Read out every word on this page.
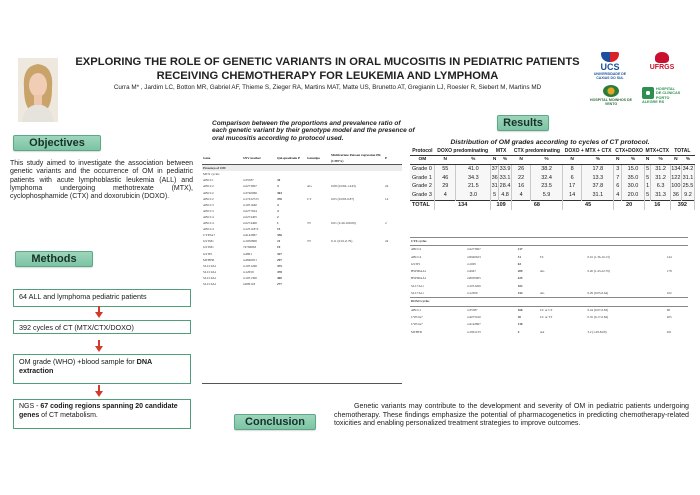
EXPLORING THE ROLE OF GENETIC VARIANTS IN ORAL MUCOSITIS IN PEDIATRIC PATIENTS
RECEIVING CHEMOTHERAPY FOR LEUKEMIA AND LYMPHOMA
Curra M* , Jardim LC, Botton MR, Gabriel AF, Thieme S, Zieger RA, Martins MAT, Matte US, Brunetto AT, Gregianin LJ, Roesler R, Siebert M, Martins MD
UCS
UNIVERSIDADE DE CAXIAS DO SUL
UFRGS
HOSPITAL MOINHOS DE VENTO
HOSPITAL
DE CLÍNICAS
PORTO ALEGRE RS
Objectives
This study aimed to investigate the association between genetic variants and the occurrence of OM in pediatric patients with acute lymphoblastic leukemia (ALL) and lymphoma undergoing methotrexate (MTX), cyclophosphamide (CTX) and doxorubicin (DOXO).
Methods
64 ALL and lymphoma pediatric patients
392 cycles of CT (MTX/CTX/DOXO)
OM grade (WHO) +blood sample for DNA extraction
NGS - 67 coding regions spanning 20 candidate genes of CT metabolism.
Comparison between the proportions and prevalence ratio of each genetic variant by their genotype model and the presence of oral mucositis according to protocol used.
Gene	SNV marker	Qui-quadrado P	Genotipo	Multivariate Poisson regression PR (CI95%)	P
Presença of OM					
MTX cycles					
ABCC1	rs35587	34			
ABCC2	rs2273697	4	AG	0.08 (0.004-1.443)	24
ABCC2	rs3740066	304			
ABCC2	rs17222723	476	CT	0.05 (0.003-0.87)	14
ABCC3	rs1051640	4			
ABCC3	rs2277624	4			
ABCC4	rs2274405	2			
ABCC4	rs2274406	1	TT	0.01 (2.40-160.00)	2
ABCC4	rs12511872	15			
CYP2A7	rs4142867	336			
GSTM1	rs1056806	21	TT	0.11 (0.01-0.79)	24
GSTM1	74766863	19			
GSTP1	rs4891	327			
MTHFR	rs4846051	297			
SLC19A1	rs1051266	475			
SLC19A1	rs12659	478			
SLC19A1	rs1051300	400			
SLC19A1	rs699118	277			
Results
Distribution of OM grades according to cycles of CT protocol.
Protocol	DOXO predominating		MTX		CTX predominating		DOXO + MTX + CTX		CTX+DOXO		MTX+CTX		TOTAL	
OM	N	%	N	%	N	%	N	%	N	%	N	%	N	%
Grade 0	55	41.0	37	33.9	26	38.2	8	17.8	3	15.0	5	31.2	134	34.2
Grade 1	46	34.3	36	33.1	22	32.4	6	13.3	7	35.0	5	31.2	122	31.1
Grade 2	29	21.5	31	28.4	16	23.5	17	37.8	6	30.0	1	6.3	100	25.5
Grade 3	4	3.0	5	4.8	4	5.9	14	31.1	4	20.0	5	31.3	36	9.2
TOTAL	134		109		68		45		20		16		392	
CTX cycles					
ABCC2	rs2273697	217			
ABCC4	rs9940623	31	TC	0.01 (1.36-16.13)	144
GSTP1	rs1695	63			
HSP90AA1	rs4947	209	AG	0.20 (1.43-22.79)	178
HSP90AA1	rs8005905	425			
SLC7A11	rs1051266	102			
SLC7A11	rs12659	154	AG	0.29 (0.05-0.64)	102
DOXO cycles					
ABCC1	rs35587	166	CC or CT	0.24 (0.07-0.83)	68
CYP2A7	rs4075166	30	CC or TT	0.35 (0.17-0.84)	205
CYP2A7	rs4142867	130			
MTHFR	rs1801133	4	AA	3.2 (1.28-8.09)	261
Conclusion
Genetic variants may contribute to the development and severity of OM in pediatric patients undergoing chemotherapy. These findings emphasize the potential of pharmacogenetics in predicting chemotherapy-related toxicities and enabling personalized treatment strategies to improve outcomes.
